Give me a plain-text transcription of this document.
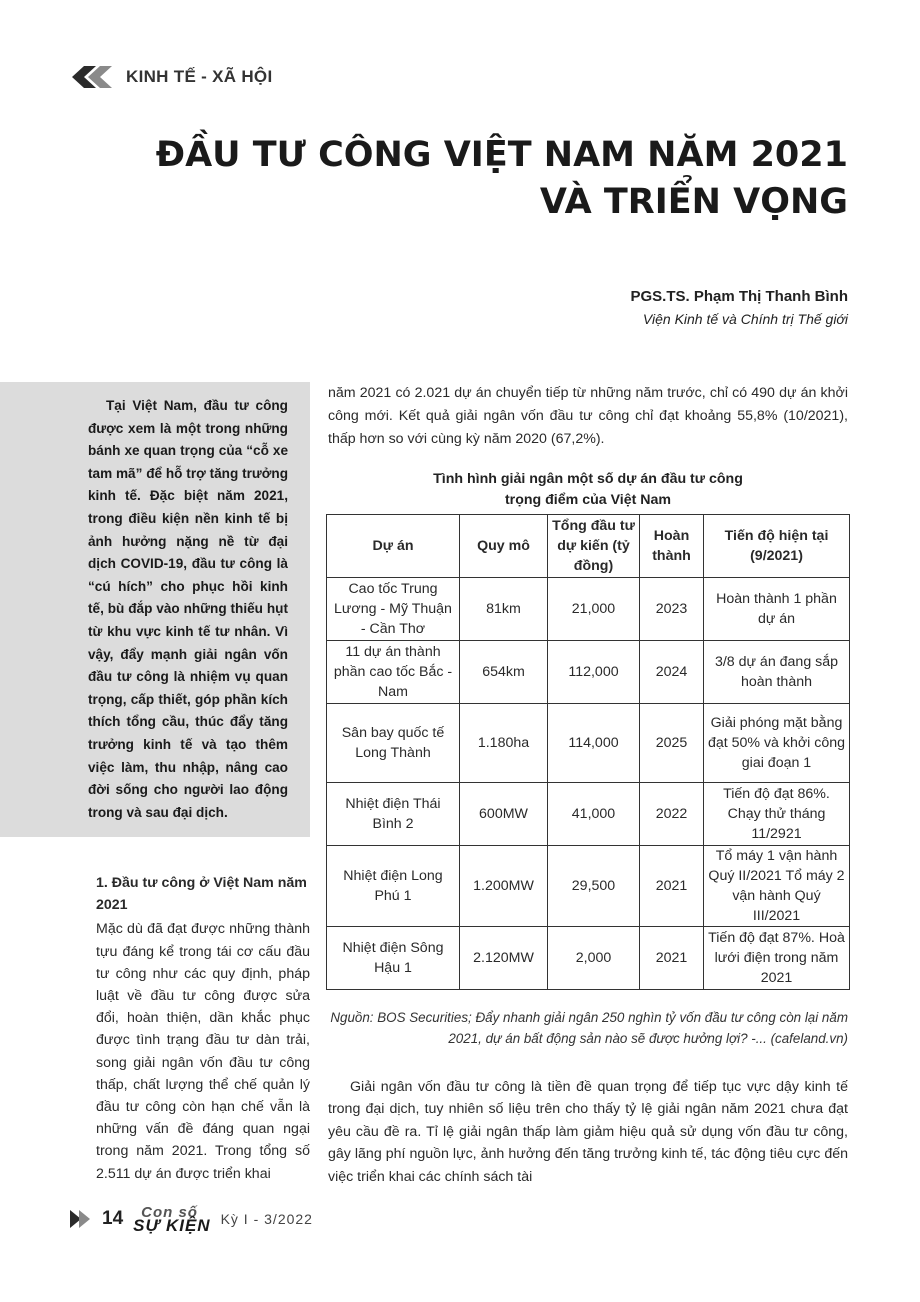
KINH TẾ - XÃ HỘI
ĐẦU TƯ CÔNG VIỆT NAM NĂM 2021
VÀ TRIỂN VỌNG
PGS.TS. Phạm Thị Thanh Bình
Viện Kinh tế và Chính trị Thế giới

Tại Việt Nam, đầu tư công được xem là một trong những bánh xe quan trọng của “cỗ xe tam mã” để hỗ trợ tăng trưởng kinh tế. Đặc biệt năm 2021, trong điều kiện nền kinh tế bị ảnh hưởng nặng nề từ đại dịch COVID-19, đầu tư công là “cú hích” cho phục hồi kinh tế, bù đắp vào những thiếu hụt từ khu vực kinh tế tư nhân. Vì vậy, đẩy mạnh giải ngân vốn đầu tư công là nhiệm vụ quan trọng, cấp thiết, góp phần kích thích tổng cầu, thúc đẩy tăng trưởng kinh tế và tạo thêm việc làm, thu nhập, nâng cao đời sống cho người lao động trong và sau đại dịch.

1. Đầu tư công ở Việt Nam năm 2021

Mặc dù đã đạt được những thành tựu đáng kể trong tái cơ cấu đầu tư công như các quy định, pháp luật về đầu tư công được sửa đổi, hoàn thiện, dần khắc phục được tình trạng đầu tư dàn trải, song giải ngân vốn đầu tư công thấp, chất lượng thể chế quản lý đầu tư công còn hạn chế vẫn là những vấn đề đáng quan ngại trong năm 2021. Trong tổng số 2.511 dự án được triển khai

năm 2021 có 2.021 dự án chuyển tiếp từ những năm trước, chỉ có 490 dự án khởi công mới. Kết quả giải ngân vốn đầu tư công chỉ đạt khoảng 55,8% (10/2021), thấp hơn so với cùng kỳ năm 2020 (67,2%).

Tình hình giải ngân một số dự án đầu tư công
trọng điểm của Việt Nam
Dự án	Quy mô	Tổng đầu tư dự kiến (tỷ đồng)	Hoàn thành	Tiến độ hiện tại (9/2021)
Cao tốc Trung Lương - Mỹ Thuận - Cần Thơ	81km	21,000	2023	Hoàn thành 1 phần dự án
11 dự án thành phần cao tốc Bắc - Nam	654km	112,000	2024	3/8 dự án đang sắp hoàn thành
Sân bay quốc tế Long Thành	1.180ha	114,000	2025	Giải phóng mặt bằng đạt 50% và khởi công giai đoạn 1
Nhiệt điện Thái Bình 2	600MW	41,000	2022	Tiến độ đạt 86%. Chạy thử tháng 11/2921
Nhiệt điện Long Phú 1	1.200MW	29,500	2021	Tổ máy 1 vận hành Quý II/2021 Tổ máy 2 vận hành Quý III/2021
Nhiệt điện Sông Hậu 1	2.120MW	2,000	2021	Tiến độ đạt 87%. Hoà lưới điện trong năm 2021
Nguồn: BOS Securities; Đẩy nhanh giải ngân 250 nghìn tỷ vốn đầu tư công còn lại năm 2021, dự án bất động sản nào sẽ được hưởng lợi? -... (cafeland.vn)

Giải ngân vốn đầu tư công là tiền đề quan trọng để tiếp tục vực dậy kinh tế trong đại dịch, tuy nhiên số liệu trên cho thấy tỷ lệ giải ngân năm 2021 chưa đạt yêu cầu đề ra. Tỉ lệ giải ngân thấp làm giảm hiệu quả sử dụng vốn đầu tư công, gây lãng phí nguồn lực, ảnh hưởng đến tăng trưởng kinh tế, tác động tiêu cực đến việc triển khai các chính sách tài

14 Con số
SỰ KIỆN Kỳ I - 3/2022
